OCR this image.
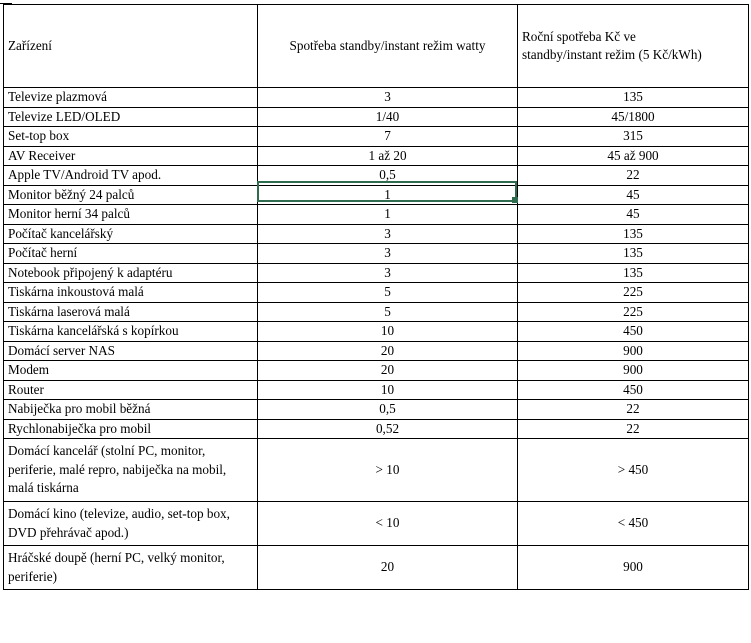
Zařízení	Spotřeba standby/instant režim watty	Roční spotřeba Kč ve
standby/instant režim (5 Kč/kWh)
Televize plazmová	3	135
Televize LED/OLED	1/40	45/1800
Set-top box	7	315
AV Receiver	1 až 20	45 až 900
Apple TV/Android TV apod.	0,5	22
Monitor běžný 24 palců	1	45
Monitor herní 34 palců	1	45
Počítač kancelářský	3	135
Počítač herní	3	135
Notebook připojený k adaptéru	3	135
Tiskárna inkoustová malá	5	225
Tiskárna laserová malá	5	225
Tiskárna kancelářská s kopírkou	10	450
Domácí server NAS	20	900
Modem	20	900
Router	10	450
Nabiječka pro mobil běžná	0,5	22
Rychlonabiječka pro mobil	0,52	22
Domácí kancelář (stolní PC, monitor, periferie, malé repro, nabiječka na mobil, malá tiskárna	> 10	> 450
Domácí kino (televize, audio, set-top box, DVD přehrávač apod.)	< 10	< 450
Hráčské doupě (herní PC, velký monitor, periferie)	20	900
